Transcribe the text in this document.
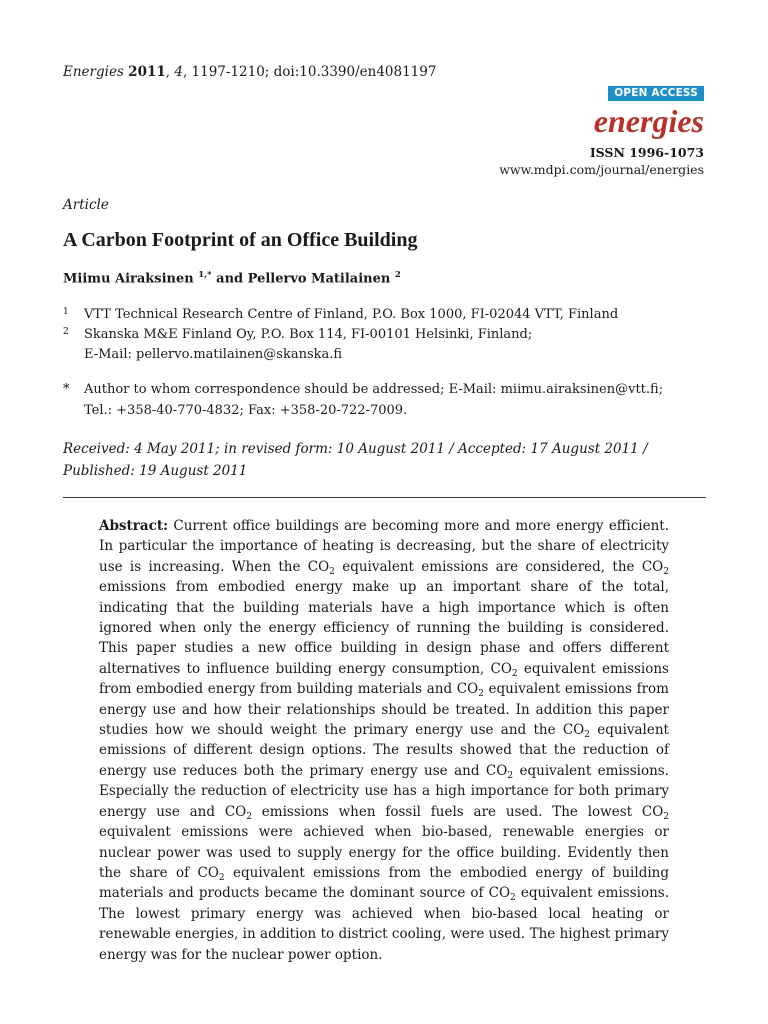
Energies 2011, 4, 1197-1210; doi:10.3390/en4081197
OPEN ACCESS
energies
ISSN 1996-1073
www.mdpi.com/journal/energies
Article
A Carbon Footprint of an Office Building
Miimu Airaksinen $^{1,*}$ and Pellervo Matilainen $^2$
1 VTT Technical Research Centre of Finland, P.O. Box 1000, FI-02044 VTT, Finland
2 Skanska M&E Finland Oy, P.O. Box 114, FI-00101 Helsinki, Finland;
E-Mail: pellervo.matilainen@skanska.fi
* Author to whom correspondence should be addressed; E-Mail: miimu.airaksinen@vtt.fi;
Tel.: +358-40-770-4832; Fax: +358-20-722-7009.
Received: 4 May 2011; in revised form: 10 August 2011 / Accepted: 17 August 2011 /
Published: 19 August 2011
Abstract: Current office buildings are becoming more and more energy efficient. In particular the importance of heating is decreasing, but the share of electricity use is increasing. When the $CO_2$ equivalent emissions are considered, the $CO_2$ emissions from embodied energy make up an important share of the total, indicating that the building materials have a high importance which is often ignored when only the energy efficiency of running the building is considered. This paper studies a new office building in design phase and offers different alternatives to influence building energy consumption, $CO_2$ equivalent emissions from embodied energy from building materials and $CO_2$ equivalent emissions from energy use and how their relationships should be treated. In addition this paper studies how we should weight the primary energy use and the $CO_2$ equivalent emissions of different design options. The results showed that the reduction of energy use reduces both the primary energy use and $CO_2$ equivalent emissions. Especially the reduction of electricity use has a high importance for both primary energy use and $CO_2$ emissions when fossil fuels are used. The lowest $CO_2$ equivalent emissions were achieved when bio-based, renewable energies or nuclear power was used to supply energy for the office building. Evidently then the share of $CO_2$ equivalent emissions from the embodied energy of building materials and products became the dominant source of $CO_2$ equivalent emissions. The lowest primary energy was achieved when bio-based local heating or renewable energies, in addition to district cooling, were used. The highest primary energy was for the nuclear power option.
